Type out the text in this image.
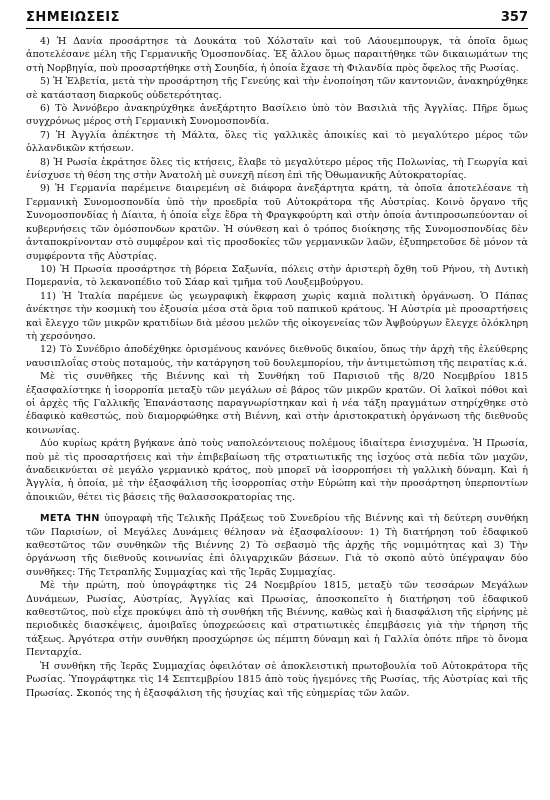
ΣΗΜΕΙΩΣΕΙΣ	357

4) Ἡ Δανία προσάρτησε τὰ Δουκάτα τοῦ Χόλσταϊν καὶ τοῦ Λάουεμπουργκ, τὰ ὁποῖα ὅμως ἀποτελέσανε μέλη τῆς Γερμανικῆς Ὁμοσπονδίας. Ἐξ ἄλλου ὅμως παραιτήθηκε τῶν δικαιωμάτων της στὴ Νορβηγία, ποὺ προσαρτήθηκε στὴ Σουηδία, ἡ ὁποία ἔχασε τὴ Φιλανδία πρὸς ὄφελος τῆς Ρωσίας.

5) Ἡ Ἐλβετία, μετὰ τὴν προσάρτηση τῆς Γενεύης καὶ τὴν ἑνοποίηση τῶν καντονιῶν, ἀνακηρύχθηκε σὲ κατάσταση διαρκοῦς οὐδετερότητας.

6) Τὸ Ἀννόβερο ἀνακηρύχθηκε ἀνεξάρτητο Βασίλειο ὑπὸ τὸν Βασιλιὰ τῆς Ἀγγλίας. Πῆρε ὅμως συγχρόνως μέρος στὴ Γερμανικὴ Συνομοσπονδία.

7) Ἡ Ἀγγλία ἀπέκτησε τὴ Μάλτα, ὅλες τὶς γαλλικὲς ἀποικίες καὶ τὸ μεγαλύτερο μέρος τῶν ὁλλανδικῶν κτήσεων.

8) Ἡ Ρωσία ἐκράτησε ὅλες τὶς κτήσεις, ἔλαβε τὸ μεγαλύτερο μέρος τῆς Πολωνίας, τὴ Γεωργία καὶ ἐνίσχυσε τὴ θέση της στὴν Ἀνατολὴ μὲ συνεχῆ πίεση ἐπὶ τῆς Ὀθωμανικῆς Αὐτοκρατορίας.

9) Ἡ Γερμανία παρέμεινε διαιρεμένη σὲ διάφορα ἀνεξάρτητα κράτη, τὰ ὁποῖα ἀποτελέσανε τὴ Γερμανικὴ Συνομοσπονδία ὑπὸ τὴν προεδρία τοῦ Αὐτοκράτορα τῆς Αὐστρίας. Κοινὸ ὄργανο τῆς Συνομοσπονδίας ἡ Δίαιτα, ἡ ὁποία εἶχε ἕδρα τὴ Φραγκφούρτη καὶ στὴν ὁποία ἀντιπροσωπεύονταν οἱ κυβερνήσεις τῶν ὁμόσπονδων κρατῶν. Ἡ σύνθεση καὶ ὁ τρόπος διοίκησης τῆς Συνομοσπονδίας δὲν ἀνταποκρίνονταν στὸ συμφέρον καὶ τὶς προσδοκίες τῶν γερμανικῶν λαῶν, ἐξυπηρετοῦσε δὲ μόνον τὰ συμφέροντα τῆς Αὐστρίας.

10) Ἡ Πρωσία προσάρτησε τὴ βόρεια Σαξωνία, πόλεις στὴν ἀριστερὴ ὄχθη τοῦ Ρήνου, τὴ Δυτικὴ Πομερανία, τὸ λεκανοπέδιο τοῦ Σάαρ καὶ τμῆμα τοῦ Λουξεμβούργου.

11) Ἡ Ἰταλία παρέμενε ὡς γεωγραφικὴ ἔκφραση χωρὶς καμιὰ πολιτικὴ ὀργάνωση. Ὁ Πάπας ἀνέκτησε τὴν κοσμικὴ του ἐξουσία μέσα στὰ ὅρια τοῦ παπικοῦ κράτους. Ἡ Αὐστρία μὲ προσαρτήσεις καὶ ἔλεγχο τῶν μικρῶν κρατιδίων διὰ μέσου μελῶν τῆς οἰκογενείας τῶν Ἀψβούργων ἔλεγχε ὁλόκληρη τὴ χερσόνησο.

12) Τὸ Συνέδριο ἀποδέχθηκε ὁρισμένους κανόνες διεθνοῦς δικαίου, ὅπως τὴν ἀρχὴ τῆς ἐλεύθερης ναυσιπλοΐας στοὺς ποταμούς, τὴν κατάργηση τοῦ δουλεμπορίου, τὴν ἀντιμετώπιση τῆς πειρατίας κ.ά.

Μὲ τὶς συνθῆκες τῆς Βιέννης καὶ τὴ Συνθήκη τοῦ Παρισιοῦ τῆς 8/20 Νοεμβρίου 1815 ἐξασφαλίστηκε ἡ ἰσορροπία μεταξὺ τῶν μεγάλων σὲ βάρος τῶν μικρῶν κρατῶν. Οἱ λαϊκοὶ πόθοι καὶ οἱ ἀρχὲς τῆς Γαλλικῆς Ἐπανάστασης παραγνωρίστηκαν καὶ ἡ νέα τάξη πραγμάτων στηρίχθηκε στὸ ἐδαφικὸ καθεστώς, ποὺ διαμορφώθηκε στὴ Βιέννη, καὶ στὴν ἀριστοκρατικὴ ὀργάνωση τῆς διεθνοῦς κοινωνίας.

Δύο κυρίως κράτη βγήκανε ἀπὸ τοὺς ναπολεόντειους πολέμους ἰδιαίτερα ἐνισχυμένα. Ἡ Πρωσία, ποὺ μὲ τὶς προσαρτήσεις καὶ τὴν ἐπιβεβαίωση τῆς στρατιωτικῆς της ἰσχύος στὰ πεδία τῶν μαχῶν, ἀναδεικνύεται σὲ μεγάλο γερμανικὸ κράτος, ποὺ μπορεῖ νὰ ἰσορροπήσει τὴ γαλλικὴ δύναμη. Καὶ ἡ Ἀγγλία, ἡ ὁποία, μὲ τὴν ἐξασφάλιση τῆς ἰσορροπίας στὴν Εὐρώπη καὶ τὴν προσάρτηση ὑπερποντίων ἀποικιῶν, θέτει τὶς βάσεις τῆς θαλασσοκρατορίας της.

ΜΕΤΑ ΤΗΝ ὑπογραφὴ τῆς Τελικῆς Πράξεως τοῦ Συνεδρίου τῆς Βιέννης καὶ τὴ δεύτερη συνθήκη τῶν Παρισίων, οἱ Μεγάλες Δυνάμεις θέλησαν νὰ ἐξασφαλίσουν: 1) Τὴ διατήρηση τοῦ ἐδαφικοῦ καθεστῶτος τῶν συνθηκῶν τῆς Βιέννης 2) Τὸ σεβασμὸ τῆς ἀρχῆς τῆς νομιμότητας καὶ 3) Τὴν ὀργάνωση τῆς διεθνοῦς κοινωνίας ἐπὶ ὀλιγαρχικῶν βάσεων. Γιὰ τὸ σκοπὸ αὐτὸ ὑπέγραψαν δύο συνθῆκες: Τῆς Τετραπλῆς Συμμαχίας καὶ τῆς Ἱερᾶς Συμμαχίας.

Μὲ τὴν πρώτη, ποὺ ὑπογράφτηκε τὶς 24 Νοεμβρίου 1815, μεταξὺ τῶν τεσσάρων Μεγάλων Δυνάμεων, Ρωσίας, Αὐστρίας, Ἀγγλίας καὶ Πρωσίας, ἀποσκοπεῖτο ἡ διατήρηση τοῦ ἐδαφικοῦ καθεστῶτος, ποὺ εἶχε προκύψει ἀπὸ τὴ συνθήκη τῆς Βιέννης, καθὼς καὶ ἡ διασφάλιση τῆς εἰρήνης μὲ περιοδικὲς διασκέψεις, ἀμοιβαῖες ὑποχρεώσεις καὶ στρατιωτικὲς ἐπεμβάσεις γιὰ τὴν τήρηση τῆς τάξεως. Ἀργότερα στὴν συνθήκη προσχώρησε ὡς πέμπτη δύναμη καὶ ἡ Γαλλία ὁπότε πῆρε τὸ ὄνομα Πενταρχία.

Ἡ συνθήκη τῆς Ἱερᾶς Συμμαχίας ὀφειλόταν σὲ ἀποκλειστικὴ πρωτοβουλία τοῦ Αὐτοκράτορα τῆς Ρωσίας. Ὑπογράφτηκε τὶς 14 Σεπτεμβρίου 1815 ἀπὸ τοὺς ἡγεμόνες τῆς Ρωσίας, τῆς Αὐστρίας καὶ τῆς Πρωσίας. Σκοπός της ἡ ἐξασφάλιση τῆς ἡσυχίας καὶ τῆς εὐημερίας τῶν λαῶν.
